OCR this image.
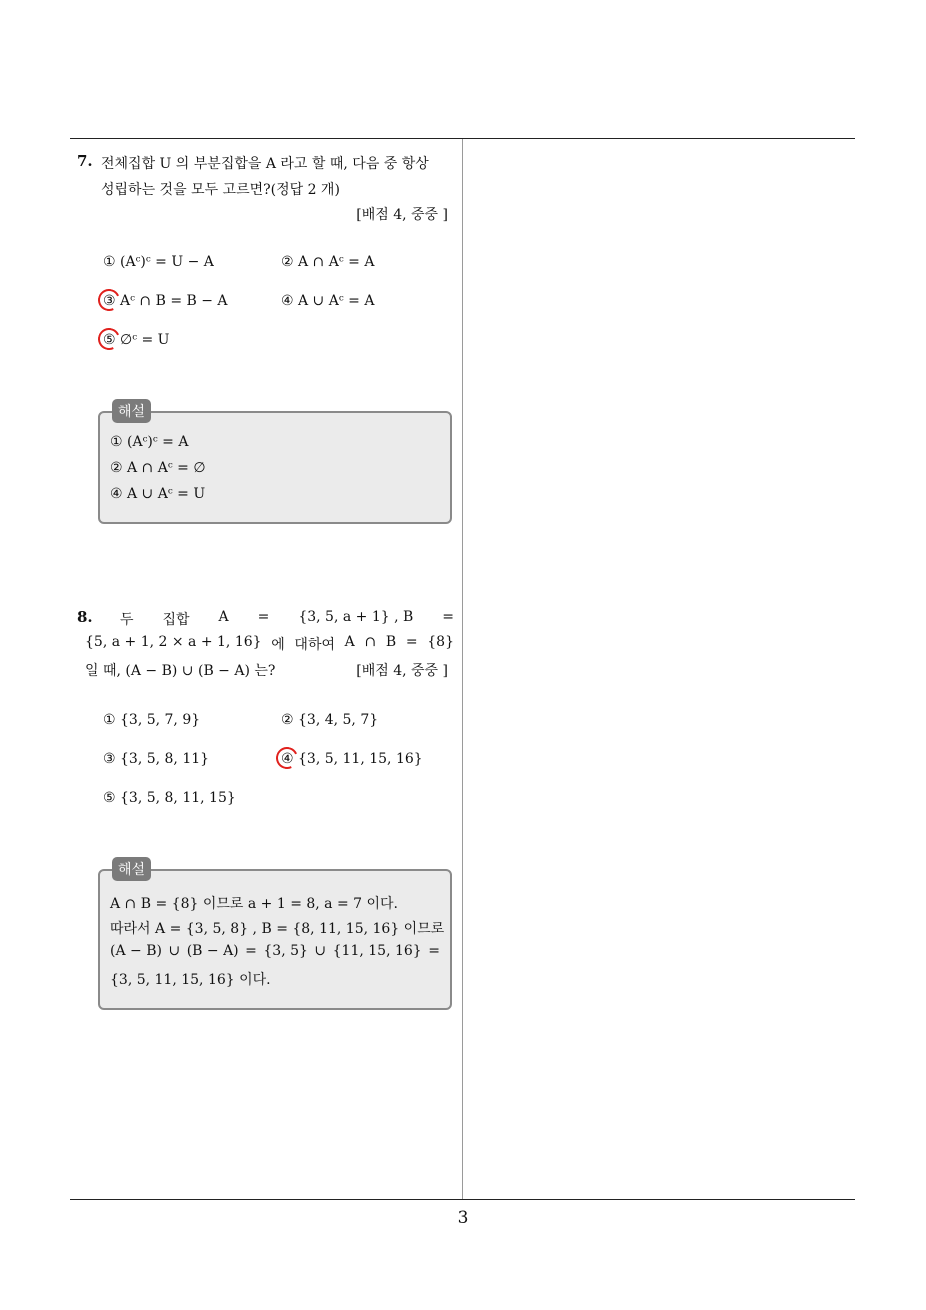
3
7. 전체집합 U 의 부분집합을 A 라고 할 때, 다음 중 항상
성립하는 것을 모두 고르면?(정답 2 개)
[배점 4, 중중 ]
① (Aᶜ)ᶜ = U − A	② A ∩ Aᶜ = A
③ Aᶜ ∩ B = B − A	④ A ∪ Aᶜ = A
⑤ ∅ᶜ = U
해설
① (Aᶜ)ᶜ = A
② A ∩ Aᶜ = ∅
④ A ∪ Aᶜ = U
8. 두 집합 A = {3, 5, a + 1} , B =
{5, a + 1, 2 × a + 1, 16} 에 대하여 A ∩ B = {8}
일 때, (A − B) ∪ (B − A) 는?	[배점 4, 중중 ]
① {3, 5, 7, 9}	② {3, 4, 5, 7}
③ {3, 5, 8, 11}	④ {3, 5, 11, 15, 16}
⑤ {3, 5, 8, 11, 15}
해설
A ∩ B = {8} 이므로 a + 1 = 8, a = 7 이다.
따라서 A = {3, 5, 8} , B = {8, 11, 15, 16} 이므로
(A − B) ∪ (B − A) = {3, 5} ∪ {11, 15, 16} =
{3, 5, 11, 15, 16} 이다.
